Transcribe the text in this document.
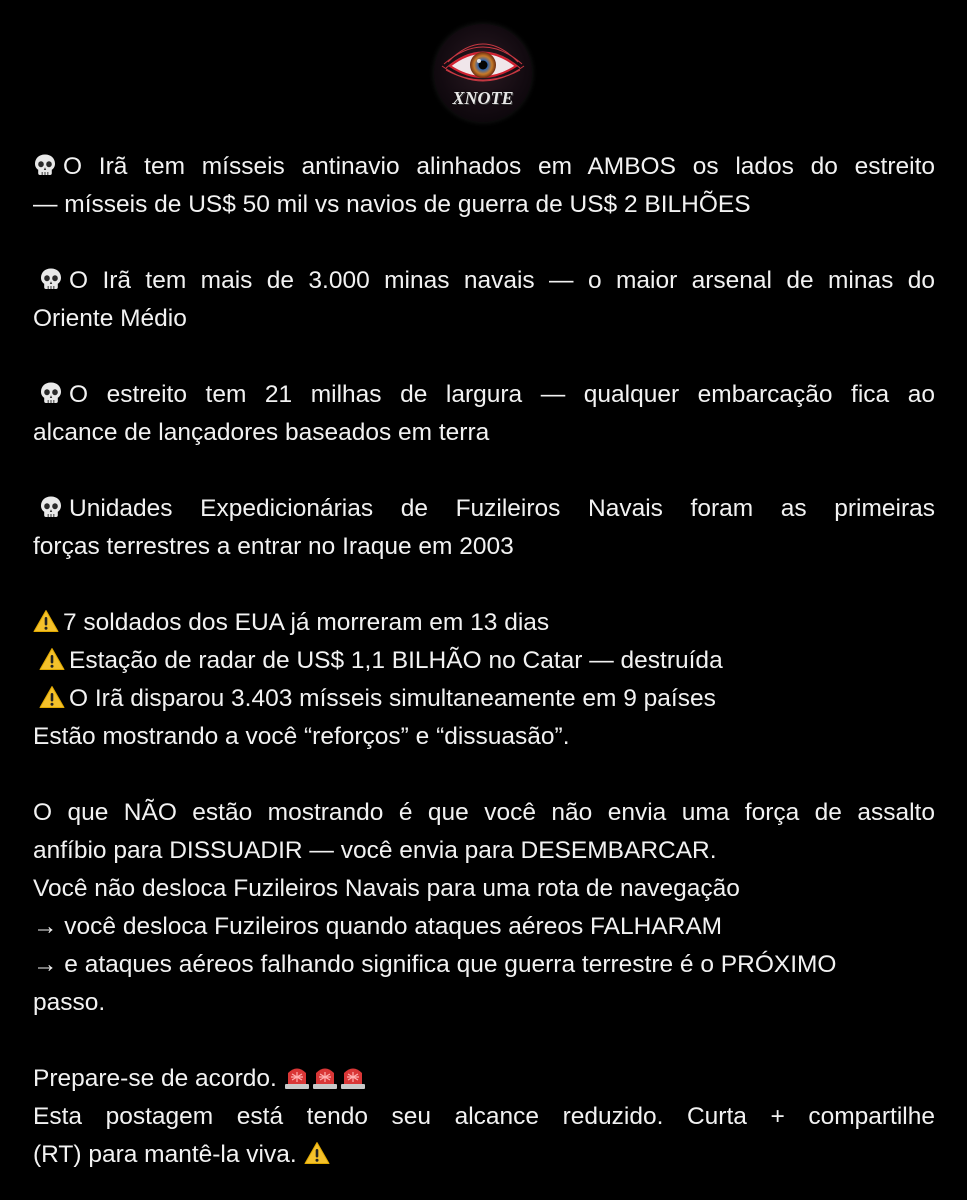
XNOTE
O Irã tem mísseis antinavio alinhados em AMBOS os lados do estreito
— mísseis de US$ 50 mil vs navios de guerra de US$ 2 BILHÕES
O Irã tem mais de 3.000 minas navais — o maior arsenal de minas do
Oriente Médio
O estreito tem 21 milhas de largura — qualquer embarcação fica ao
alcance de lançadores baseados em terra
Unidades Expedicionárias de Fuzileiros Navais foram as primeiras
forças terrestres a entrar no Iraque em 2003
7 soldados dos EUA já morreram em 13 dias
Estação de radar de US$ 1,1 BILHÃO no Catar — destruída
O Irã disparou 3.403 mísseis simultaneamente em 9 países
Estão mostrando a você “reforços” e “dissuasão”.
O que NÃO estão mostrando é que você não envia uma força de assalto
anfíbio para DISSUADIR — você envia para DESEMBARCAR.
Você não desloca Fuzileiros Navais para uma rota de navegação
→ você desloca Fuzileiros quando ataques aéreos FALHARAM
→ e ataques aéreos falhando significa que guerra terrestre é o PRÓXIMO
passo.
Prepare-se de acordo.
Esta postagem está tendo seu alcance reduzido. Curta + compartilhe
(RT) para mantê-la viva.
